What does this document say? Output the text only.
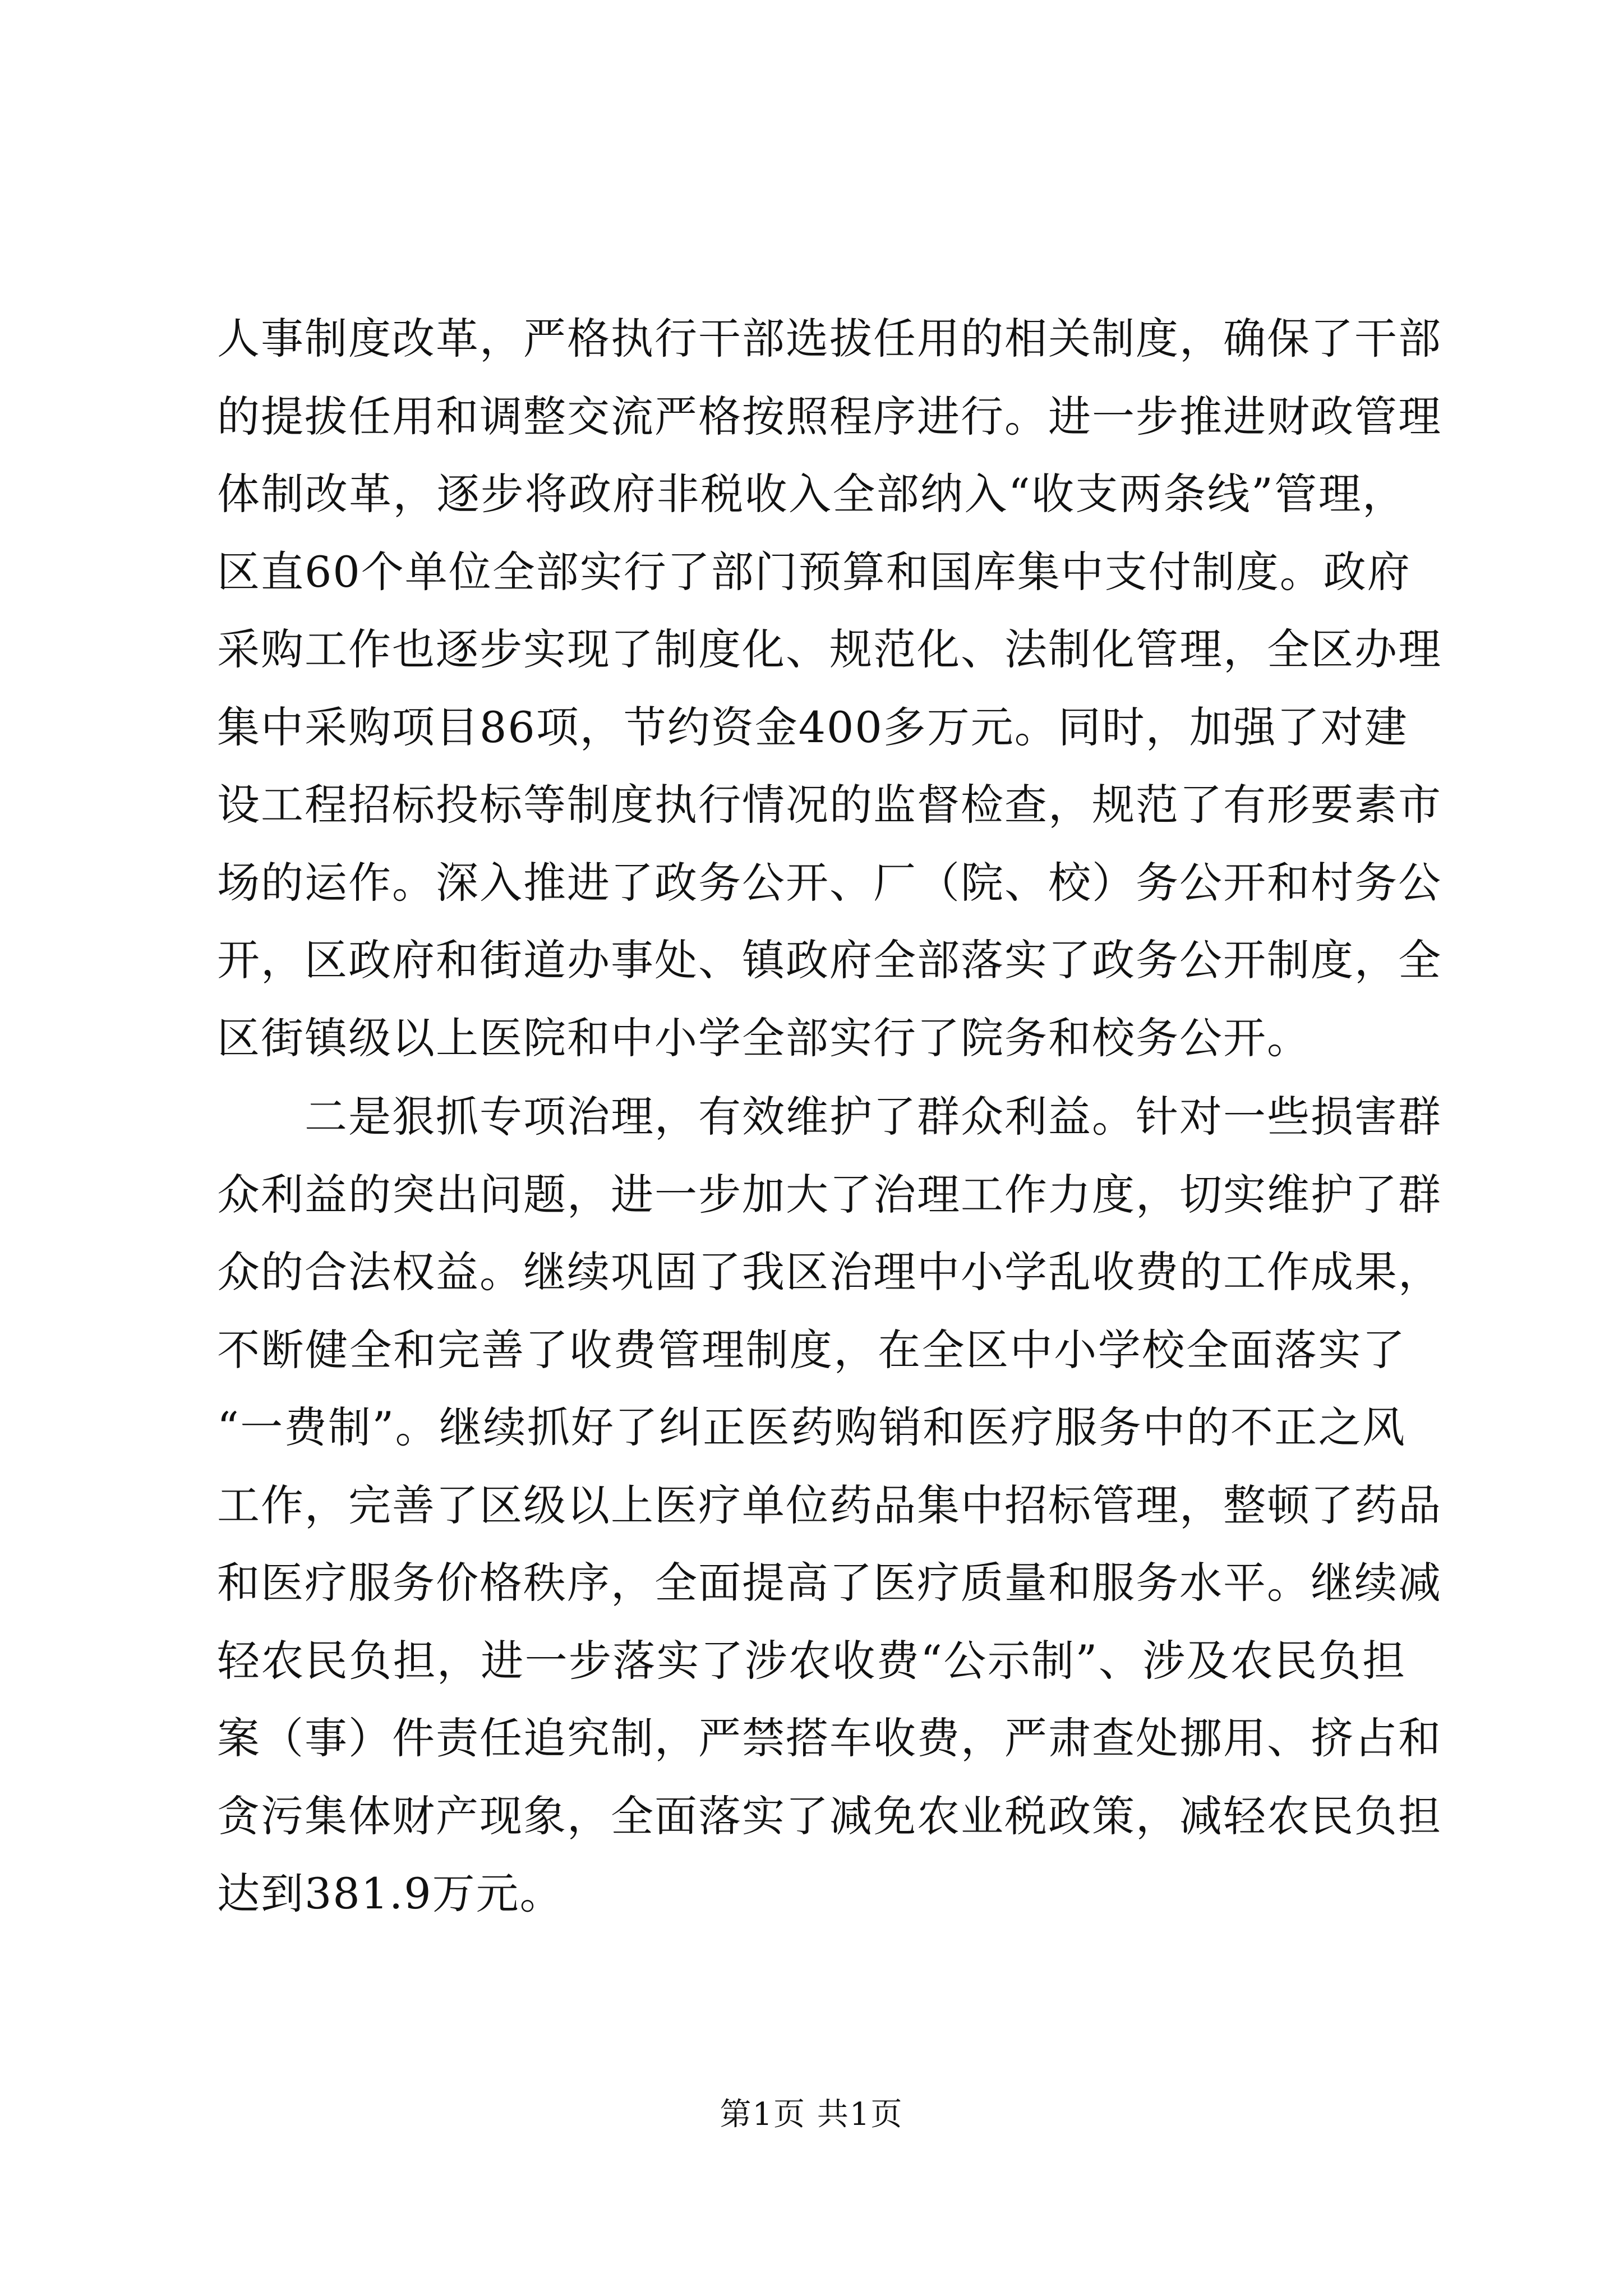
人事制度改革，严格执行干部选拔任用的相关制度，确保了干部
的提拔任用和调整交流严格按照程序进行。进一步推进财政管理
体制改革，逐步将政府非税收入全部纳入“收支两条线”管理，
区直60个单位全部实行了部门预算和国库集中支付制度。政府
采购工作也逐步实现了制度化、规范化、法制化管理，全区办理
集中采购项目86项，节约资金400多万元。同时，加强了对建
设工程招标投标等制度执行情况的监督检查，规范了有形要素市
场的运作。深入推进了政务公开、厂（院、校）务公开和村务公
开，区政府和街道办事处、镇政府全部落实了政务公开制度，全
区街镇级以上医院和中小学全部实行了院务和校务公开。
二是狠抓专项治理，有效维护了群众利益。针对一些损害群
众利益的突出问题，进一步加大了治理工作力度，切实维护了群
众的合法权益。继续巩固了我区治理中小学乱收费的工作成果，
不断健全和完善了收费管理制度，在全区中小学校全面落实了
“一费制”。继续抓好了纠正医药购销和医疗服务中的不正之风
工作，完善了区级以上医疗单位药品集中招标管理，整顿了药品
和医疗服务价格秩序，全面提高了医疗质量和服务水平。继续减
轻农民负担，进一步落实了涉农收费“公示制”、涉及农民负担
案（事）件责任追究制，严禁搭车收费，严肃查处挪用、挤占和
贪污集体财产现象，全面落实了减免农业税政策，减轻农民负担
达到381.9万元。
第1页 共1页
